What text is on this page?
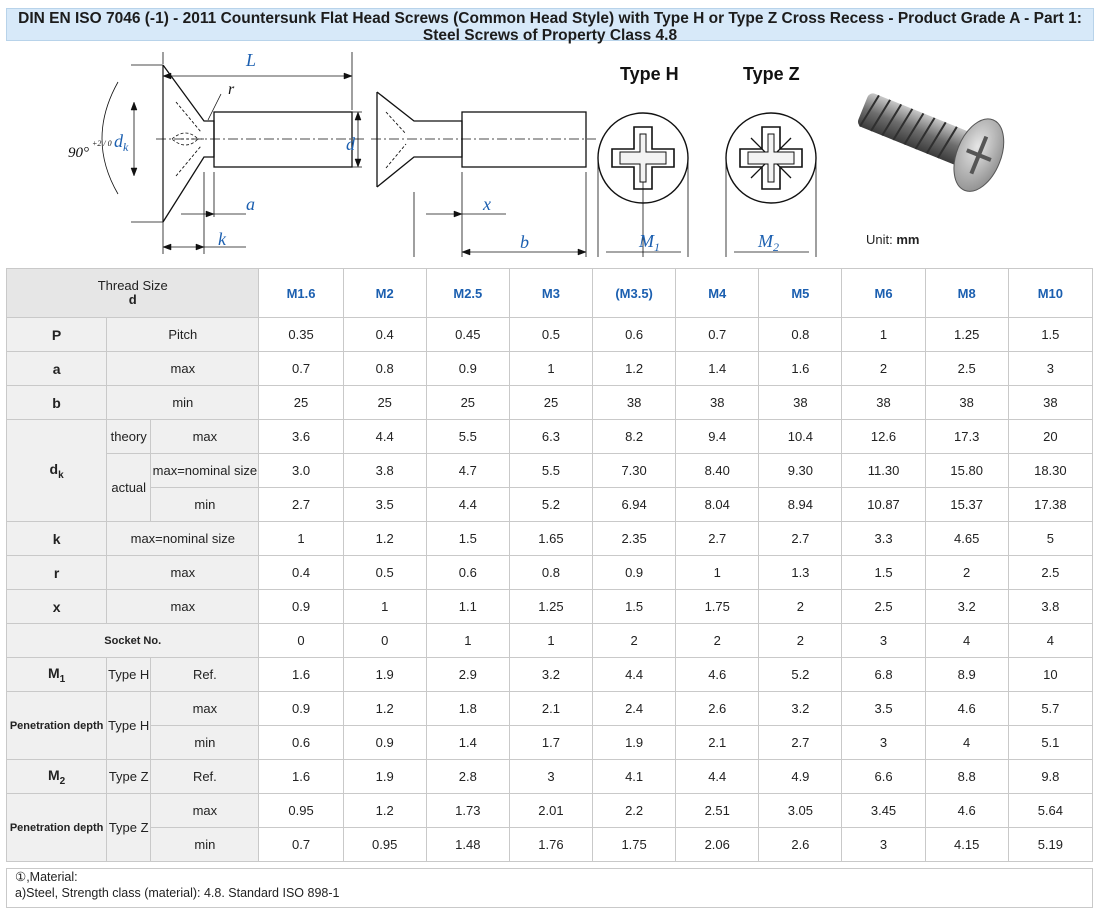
DIN EN ISO 7046 (-1) - 2011 Countersunk Flat Head Screws (Common Head Style) with Type H or Type Z Cross Recess - Product Grade A - Part 1: Steel Screws of Property Class 4.8
L
r
$d_k$	d
a
k
x
b	$M_1$	$M_2$
90°
+2 / 0
Type H	Type Z
Unit: mm
Thread Size
d			M1.6	M2	M2.5	M3	(M3.5)	M4	M5	M6	M8	M10
P	Pitch		0.35	0.4	0.45	0.5	0.6	0.7	0.8	1	1.25	1.5
a	max		0.7	0.8	0.9	1	1.2	1.4	1.6	2	2.5	3
b	min		25	25	25	25	38	38	38	38	38	38
$d_k$	theory	max	3.6	4.4	5.5	6.3	8.2	9.4	10.4	12.6	17.3	20
	actual	max=nominal size	3.0	3.8	4.7	5.5	7.30	8.40	9.30	11.30	15.80	18.30
		min	2.7	3.5	4.4	5.2	6.94	8.04	8.94	10.87	15.37	17.38
k	max=nominal size		1	1.2	1.5	1.65	2.35	2.7	2.7	3.3	4.65	5
r	max		0.4	0.5	0.6	0.8	0.9	1	1.3	1.5	2	2.5
x	max		0.9	1	1.1	1.25	1.5	1.75	2	2.5	3.2	3.8
Socket No.			0	0	1	1	2	2	2	3	4	4
$M_1$	Type H	Ref.	1.6	1.9	2.9	3.2	4.4	4.6	5.2	6.8	8.9	10
Penetration depth	Type H	max	0.9	1.2	1.8	2.1	2.4	2.6	3.2	3.5	4.6	5.7
		min	0.6	0.9	1.4	1.7	1.9	2.1	2.7	3	4	5.1
$M_2$	Type Z	Ref.	1.6	1.9	2.8	3	4.1	4.4	4.9	6.6	8.8	9.8
Penetration depth	Type Z	max	0.95	1.2	1.73	2.01	2.2	2.51	3.05	3.45	4.6	5.64
		min	0.7	0.95	1.48	1.76	1.75	2.06	2.6	3	4.15	5.19
①,Material:
a)Steel, Strength class (material): 4.8. Standard ISO 898-1
